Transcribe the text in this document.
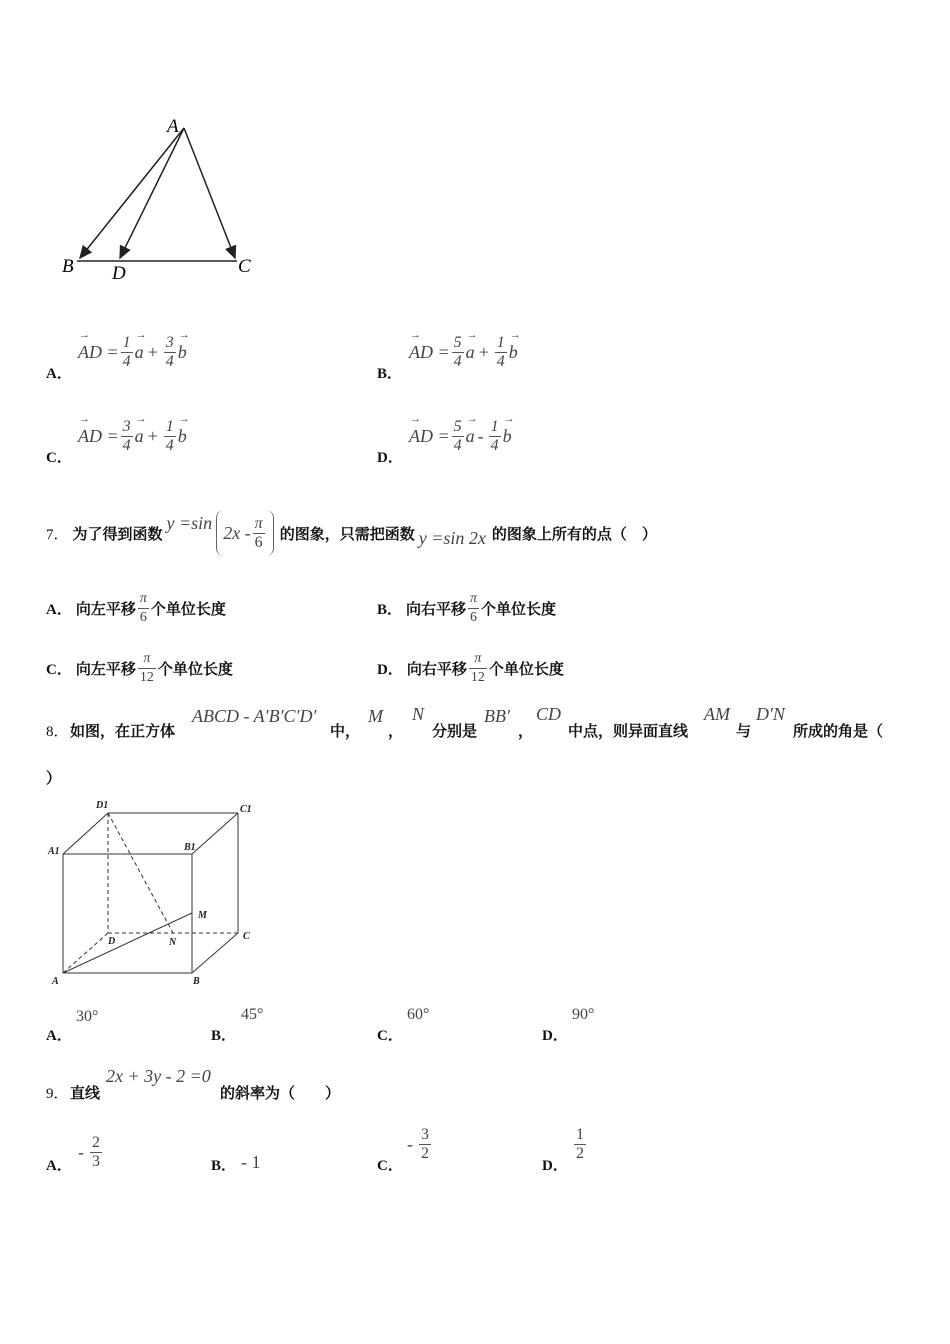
A
B D	C
A．
→ AD = $\frac{1}{4}$
→ $a + \frac{3}{4}$
→ b
B．
→ AD = $\frac{5}{4}$
→ $a + \frac{1}{4}$
→ b
C．
→ AD = $\frac{3}{4}$
→ $a + \frac{1}{4}$
→ b
D．
→ AD = $\frac{5}{4}$
→ a - $\frac{1}{4}$
→ b
7． 为了得到函数
y =sin $2x - \frac{\pi}{6}$ 的图象，只需把函数 y =sin 2x 的图象上所有的点（　）
A． 向左平移 $\frac{\pi}{6}$ 个单位长度	B． 向右平移 $\frac{\pi}{6}$ 个单位长度
C． 向左平移 $\frac{\pi}{12}$ 个单位长度	D． 向右平移 $\frac{\pi}{12}$ 个单位长度
8． 如图，在正方体
ABCD - A′B′C′D′
中，
M
，
N
分别是
BB′
，
CD
中点，则异面直线
AM
与
D′N
所成的角是（
）
D1	C1
A1	B1
M
D	N
C
A	B
A．
30°
B．
45°
C．
60°
D．
90°
9． 直线
2x + 3y - 2 =0
的斜率为（　　）
A．
- $\frac{2}{3}$	B． - 1	C．
- $\frac{3}{2}$
D．
$\frac{1}{2}$
